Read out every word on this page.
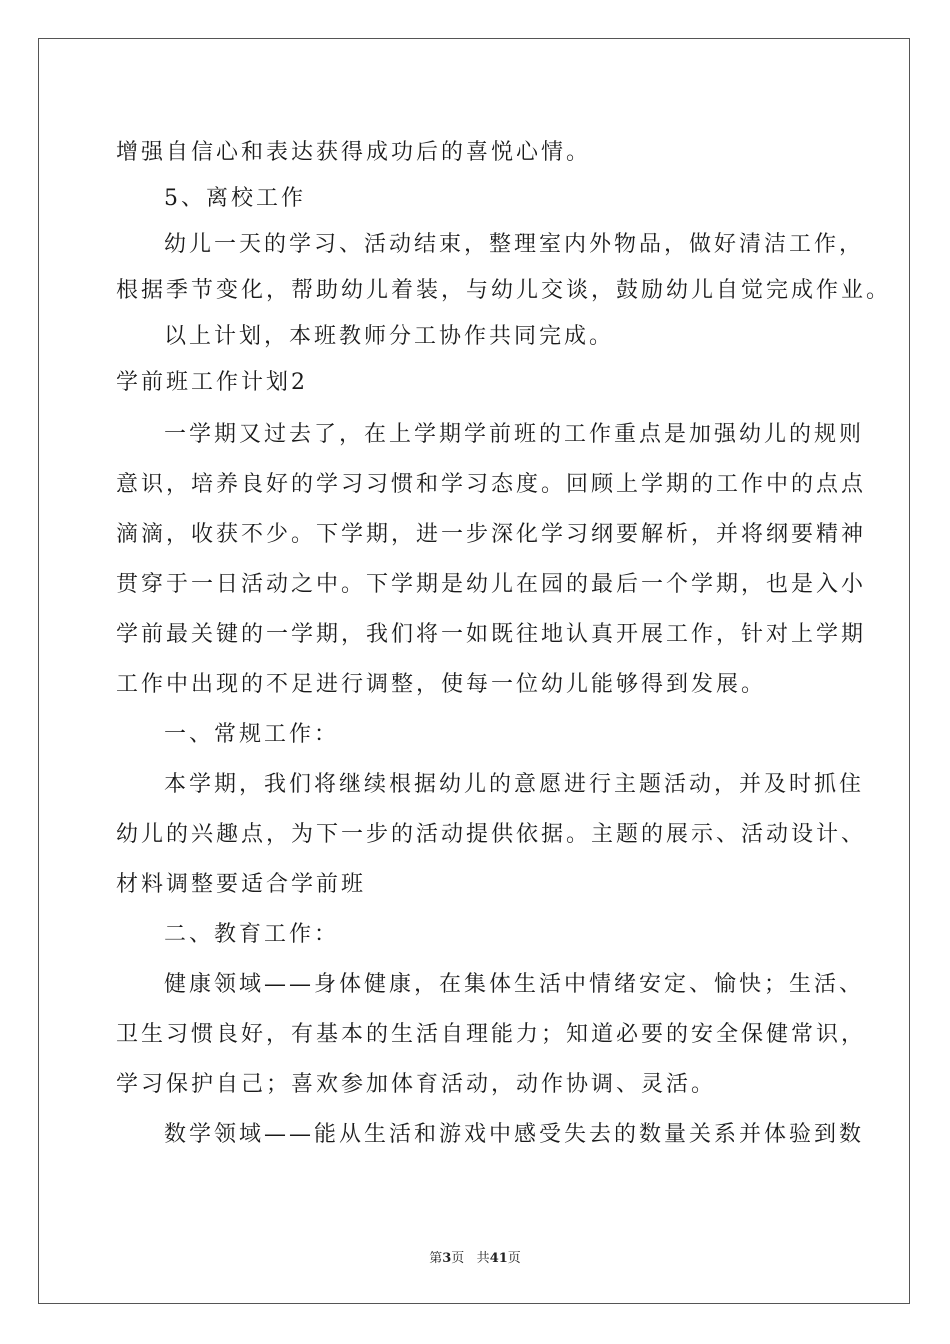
增强自信心和表达获得成功后的喜悦心情。
5、离校工作
幼儿一天的学习、活动结束，整理室内外物品，做好清洁工作，
根据季节变化，帮助幼儿着装，与幼儿交谈，鼓励幼儿自觉完成作业。
以上计划，本班教师分工协作共同完成。
学前班工作计划2
一学期又过去了，在上学期学前班的工作重点是加强幼儿的规则
意识，培养良好的学习习惯和学习态度。回顾上学期的工作中的点点
滴滴，收获不少。下学期，进一步深化学习纲要解析，并将纲要精神
贯穿于一日活动之中。下学期是幼儿在园的最后一个学期，也是入小
学前最关键的一学期，我们将一如既往地认真开展工作，针对上学期
工作中出现的不足进行调整，使每一位幼儿能够得到发展。
一、常规工作：
本学期，我们将继续根据幼儿的意愿进行主题活动，并及时抓住
幼儿的兴趣点，为下一步的活动提供依据。主题的展示、活动设计、
材料调整要适合学前班
二、教育工作：
健康领域——身体健康，在集体生活中情绪安定、愉快；生活、
卫生习惯良好，有基本的生活自理能力；知道必要的安全保健常识，
学习保护自己；喜欢参加体育活动，动作协调、灵活。
数学领域——能从生活和游戏中感受失去的数量关系并体验到数
第3页 共41页
